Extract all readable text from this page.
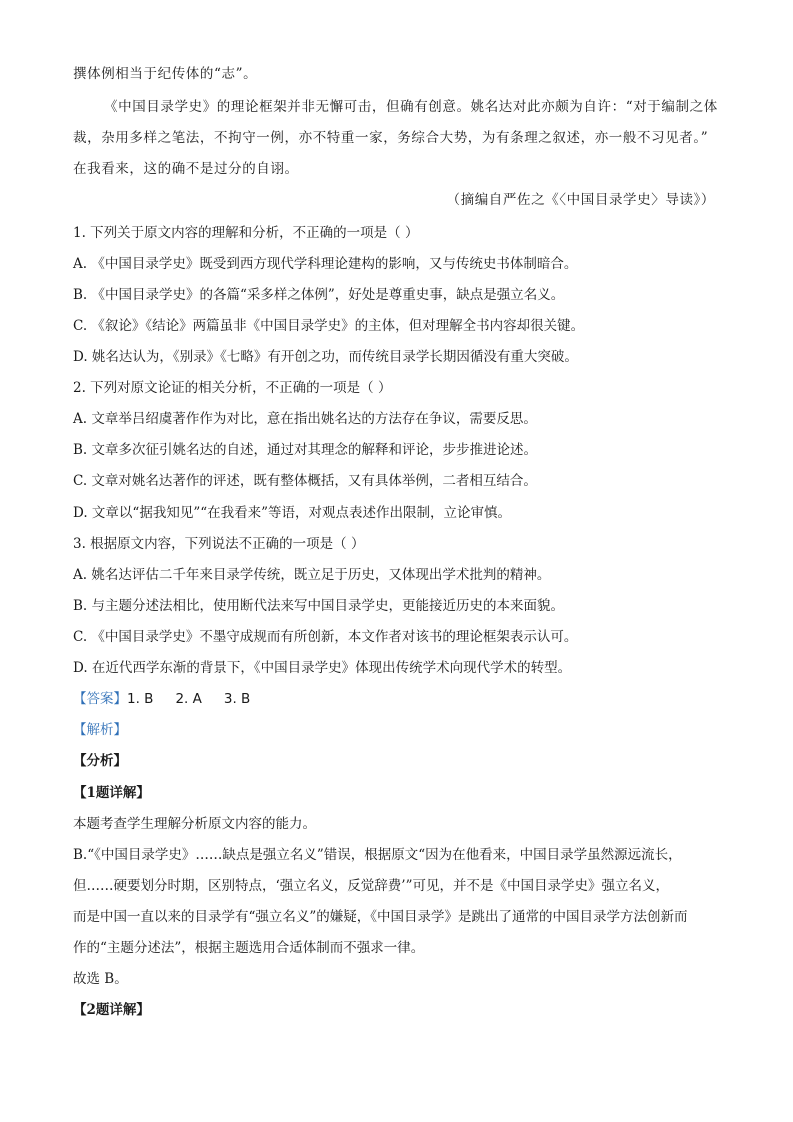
撰体例相当于纪传体的“志”。
《中国目录学史》的理论框架并非无懈可击，但确有创意。姚名达对此亦颇为自许：“对于编制之体
裁，杂用多样之笔法，不拘守一例，亦不特重一家，务综合大势，为有条理之叙述，亦一般不习见者。”
在我看来，这的确不是过分的自诩。
（摘编自严佐之《〈中国目录学史〉导读》）
1. 下列关于原文内容的理解和分析，不正确的一项是（ ）
A. 《中国目录学史》既受到西方现代学科理论建构的影响，又与传统史书体制暗合。
B. 《中国目录学史》的各篇“采多样之体例”，好处是尊重史事，缺点是强立名义。
C. 《叙论》《结论》两篇虽非《中国目录学史》的主体，但对理解全书内容却很关键。
D. 姚名达认为，《别录》《七略》有开创之功，而传统目录学长期因循没有重大突破。
2. 下列对原文论证的相关分析，不正确的一项是（ ）
A. 文章举吕绍虞著作作为对比，意在指出姚名达的方法存在争议，需要反思。
B. 文章多次征引姚名达的自述，通过对其理念的解释和评论，步步推进论述。
C. 文章对姚名达著作的评述，既有整体概括，又有具体举例，二者相互结合。
D. 文章以“据我知见”“在我看来”等语，对观点表述作出限制，立论审慎。
3. 根据原文内容，下列说法不正确的一项是（ ）
A. 姚名达评估二千年来目录学传统，既立足于历史，又体现出学术批判的精神。
B. 与主题分述法相比，使用断代法来写中国目录学史，更能接近历史的本来面貌。
C. 《中国目录学史》不墨守成规而有所创新，本文作者对该书的理论框架表示认可。
D. 在近代西学东渐的背景下，《中国目录学史》体现出传统学术向现代学术的转型。
【答案】1. B 2. A 3. B
【解析】
【分析】
【1题详解】
本题考查学生理解分析原文内容的能力。
B.“《中国目录学史》……缺点是强立名义”错误，根据原文“因为在他看来，中国目录学虽然源远流长，
但……硬要划分时期，区别特点，‘强立名义，反觉辞费’”可见，并不是《中国目录学史》强立名义，
而是中国一直以来的目录学有“强立名义”的嫌疑，《中国目录学》是跳出了通常的中国目录学方法创新而
作的“主题分述法”，根据主题选用合适体制而不强求一律。
故选 B。
【2题详解】
